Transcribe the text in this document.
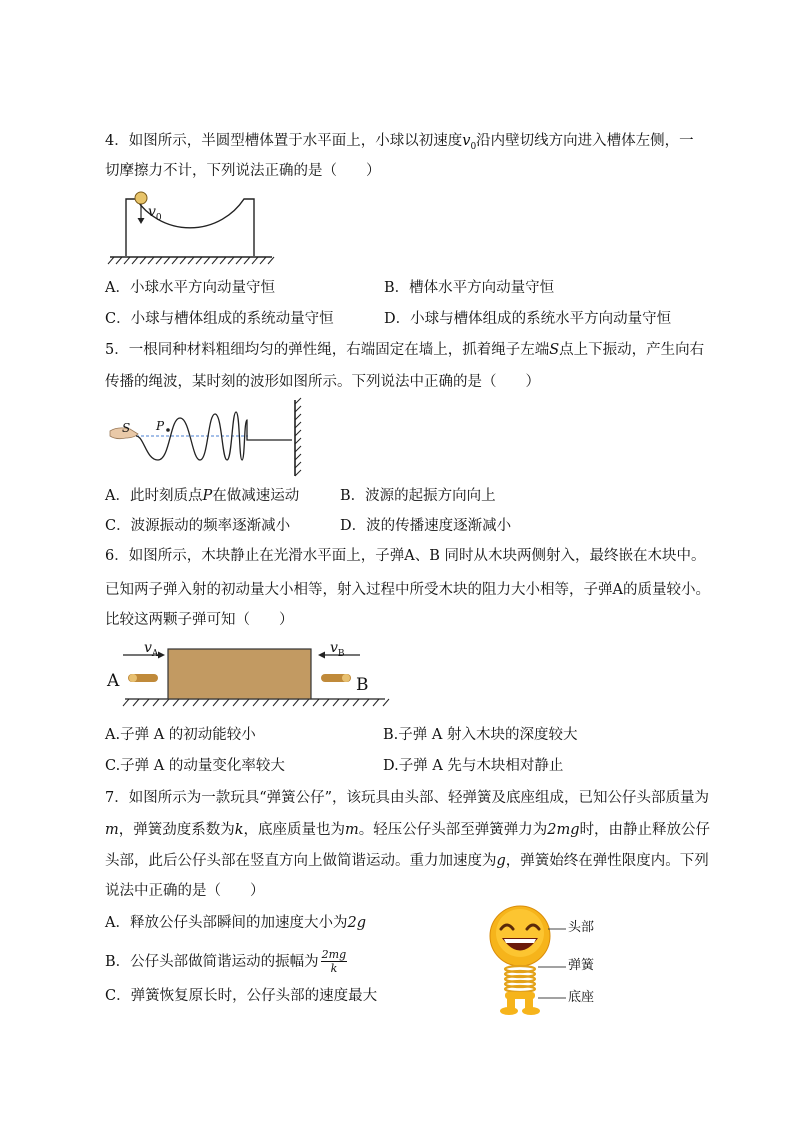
4．如图所示，半圆型槽体置于水平面上，小球以初速度$v_0$沿内壁切线方向进入槽体左侧，一
切摩擦力不计，下列说法正确的是（　　）
$v_0$
A．小球水平方向动量守恒	B．槽体水平方向动量守恒
C．小球与槽体组成的系统动量守恒	D．小球与槽体组成的系统水平方向动量守恒
5．一根同种材料粗细均匀的弹性绳，右端固定在墙上，抓着绳子左端S点上下振动，产生向右
传播的绳波，某时刻的波形如图所示。下列说法中正确的是（　　）
S P
A．此时刻质点P在做减速运动	B．波源的起振方向向上
C．波源振动的频率逐渐减小	D．波的传播速度逐渐减小
6．如图所示，木块静止在光滑水平面上，子弹A、B 同时从木块两侧射入，最终嵌在木块中。
已知两子弹入射的初动量大小相等，射入过程中所受木块的阻力大小相等，子弹A的质量较小。
比较这两颗子弹可知（　　）
$v_A$	$v_B$
A	B
A.子弹 A 的初动能较小	B.子弹 A 射入木块的深度较大
C.子弹 A 的动量变化率较大	D.子弹 A 先与木块相对静止
7．如图所示为一款玩具“弹簧公仔”，该玩具由头部、轻弹簧及底座组成，已知公仔头部质量为
m，弹簧劲度系数为k，底座质量也为m。轻压公仔头部至弹簧弹力为2mg时，由静止释放公仔
头部，此后公仔头部在竖直方向上做简谐运动。重力加速度为g，弹簧始终在弹性限度内。下列
说法中正确的是（　　）
A．释放公仔头部瞬间的加速度大小为2g
B．公仔头部做简谐运动的振幅为 2mg
k
C．弹簧恢复原长时，公仔头部的速度最大
头部
弹簧
底座
